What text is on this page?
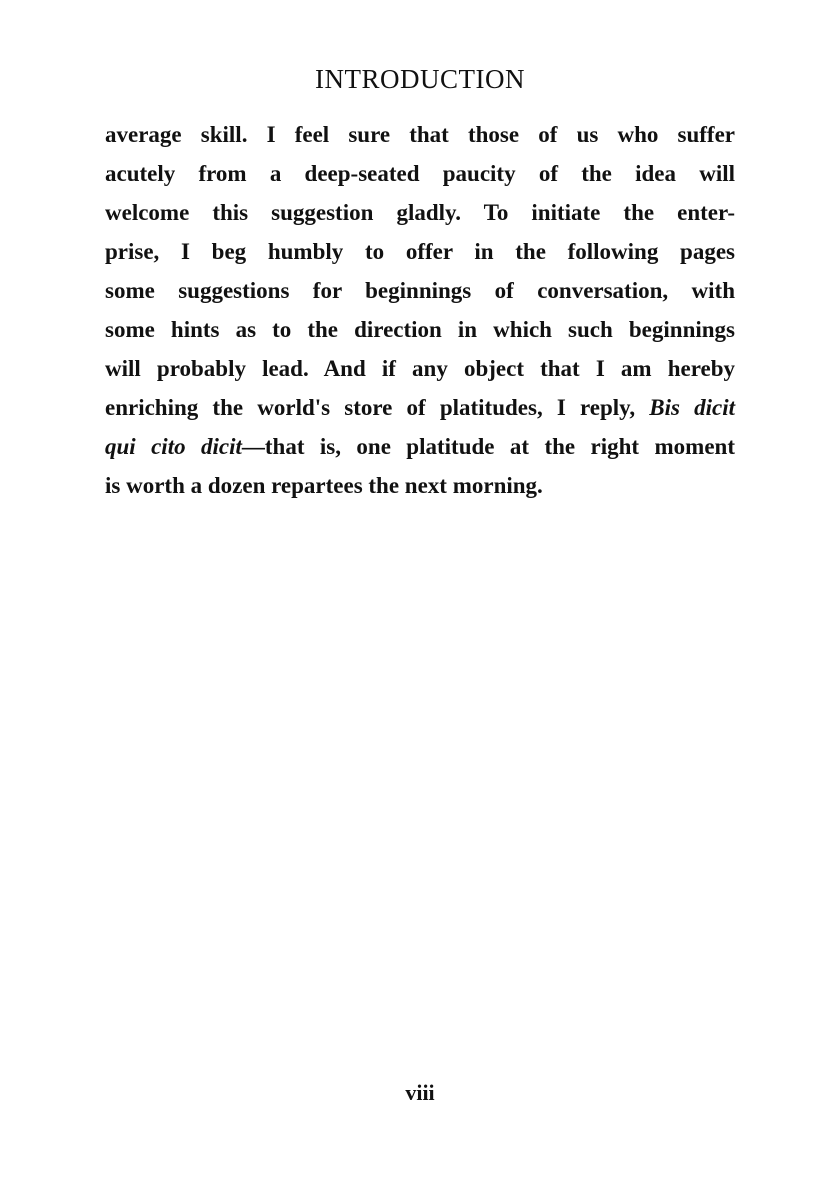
INTRODUCTION
average skill. I feel sure that those of us who suffer
acutely from a deep-seated paucity of the idea will
welcome this suggestion gladly. To initiate the enter-
prise, I beg humbly to offer in the following pages
some suggestions for beginnings of conversation, with
some hints as to the direction in which such beginnings
will probably lead. And if any object that I am hereby
enriching the world's store of platitudes, I reply, Bis dicit
qui cito dicit—that is, one platitude at the right moment
is worth a dozen repartees the next morning.
viii
